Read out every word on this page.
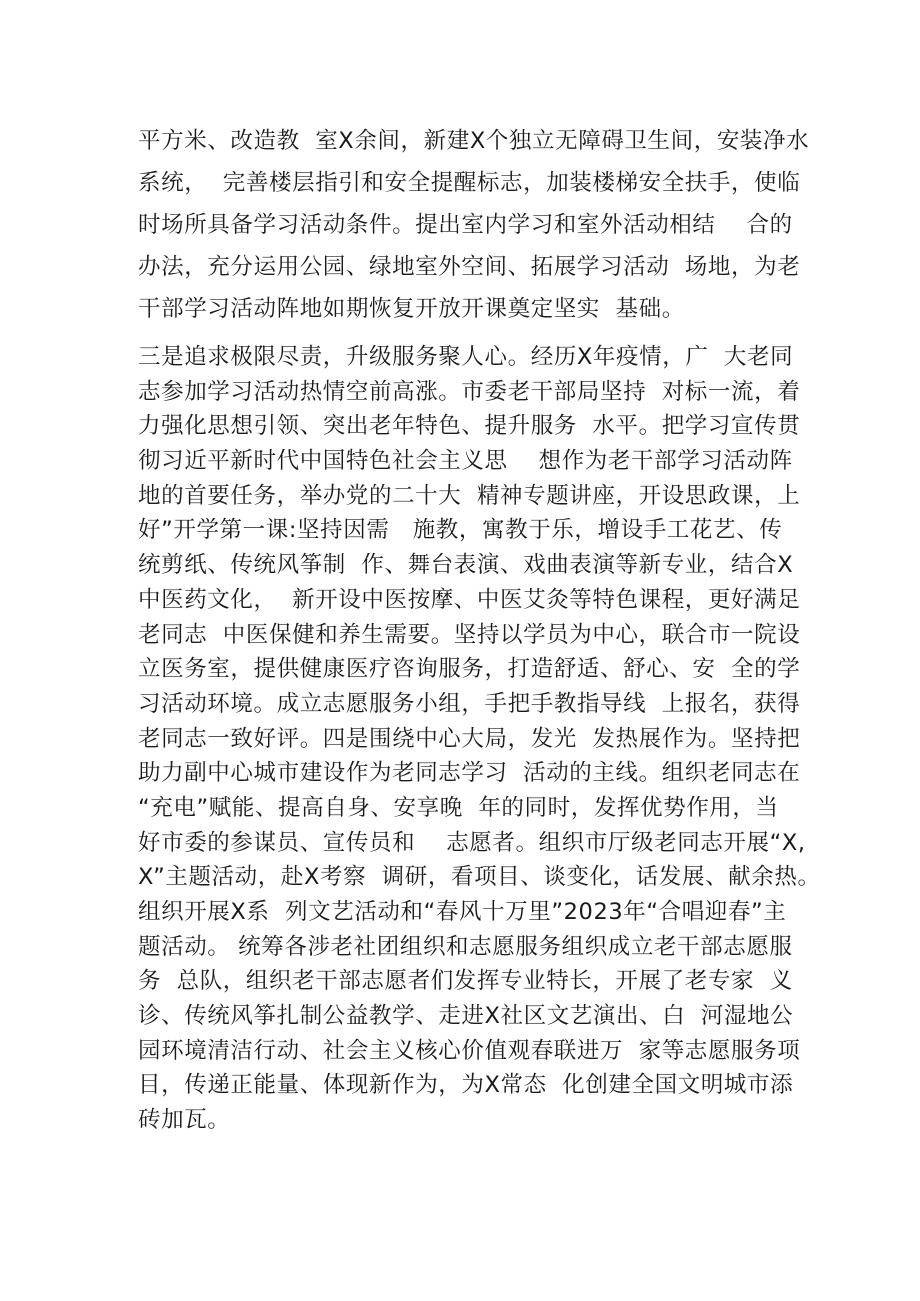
平方米、改造教  室X余间，新建X个独立无障碍卫生间，安装净水
系统，  完善楼层指引和安全提醒标志，加装楼梯安全扶手，使临
时场所具备学习活动条件。提出室内学习和室外活动相结    合的
办法，充分运用公园、绿地室外空间、拓展学习活动  场地，为老
干部学习活动阵地如期恢复开放开课奠定坚实  基础。
三是追求极限尽责，升级服务聚人心。经历X年疫情，广  大老同
志参加学习活动热情空前高涨。市委老干部局坚持  对标一流，着
力强化思想引领、突出老年特色、提升服务  水平。把学习宣传贯
彻习近平新时代中国特色社会主义思    想作为老干部学习活动阵
地的首要任务，举办党的二十大  精神专题讲座，开设思政课，上
好”开学第一课:坚持因需   施教，寓教于乐，增设手工花艺、传
统剪纸、传统风筝制  作、舞台表演、戏曲表演等新专业，结合X
中医药文化，  新开设中医按摩、中医艾灸等特色课程，更好满足
老同志  中医保健和养生需要。坚持以学员为中心，联合市一院设
立医务室，提供健康医疗咨询服务，打造舒适、舒心、安  全的学
习活动环境。成立志愿服务小组，手把手教指导线  上报名，获得
老同志一致好评。四是围绕中心大局，发光  发热展作为。坚持把
助力副中心城市建设作为老同志学习  活动的主线。组织老同志在
“充电”赋能、提高自身、安享晚  年的同时，发挥优势作用，当
好市委的参谋员、宣传员和    志愿者。组织市厅级老同志开展“X,
X”主题活动，赴X考察  调研，看项目、谈变化，话发展、献余热。
组织开展X系  列文艺活动和“春风十万里”2023年“合唱迎春”主
题活动。 统筹各涉老社团组织和志愿服务组织成立老干部志愿服
务  总队，组织老干部志愿者们发挥专业特长，开展了老专家  义
诊、传统风筝扎制公益教学、走进X社区文艺演出、白  河湿地公
园环境清洁行动、社会主义核心价值观春联进万  家等志愿服务项
目，传递正能量、体现新作为，为X常态  化创建全国文明城市添
砖加瓦。
